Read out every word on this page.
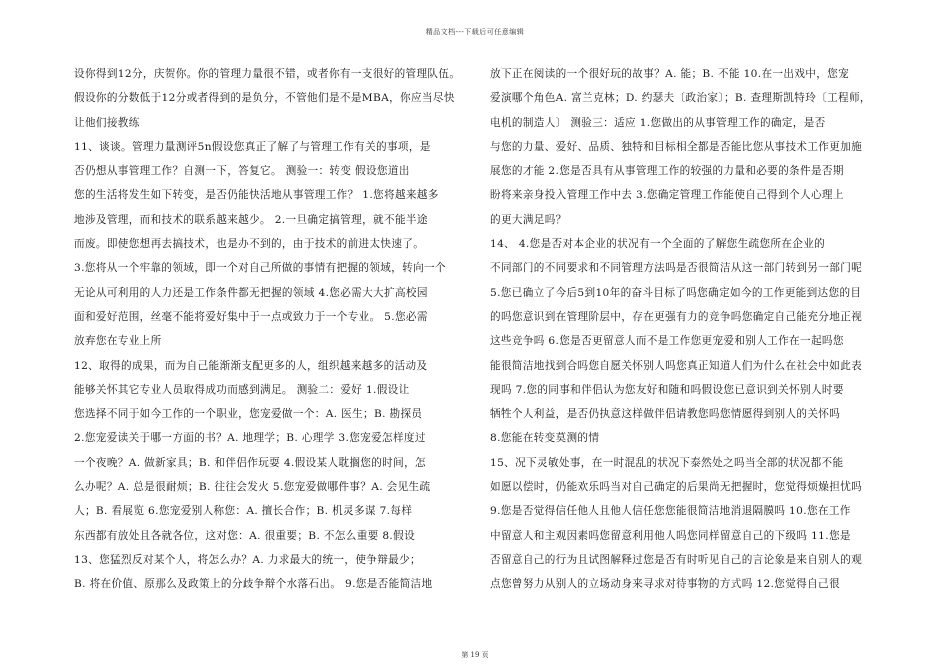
精品文档---下载后可任意编辑
设你得到12分，庆贺你。你的管理力量很不错，或者你有一支很好的管理队伍。
假设你的分数低于12分或者得到的是负分，不管他们是不是MBA，你应当尽快
让他们接教练
11、谈谈。管理力量测评5n假设您真正了解了与管理工作有关的事项，是
否仍想从事管理工作？自测一下，答复它。 测验一：转变 假设您道出
您的生活将发生如下转变，是否仍能快活地从事管理工作？ 1.您将越来越多
地涉及管理，而和技术的联系越来越少。 2.一旦确定搞管理，就不能半途
而废。即使您想再去搞技术，也是办不到的，由于技术的前进太快速了。
3.您将从一个牢靠的领域，即一个对自己所做的事情有把握的领域，转向一个
无论从可利用的人力还是工作条件都无把握的领域 4.您必需大大扩高校园
面和爱好范围，丝毫不能将爱好集中于一点或致力于一个专业。 5.您必需
放弃您在专业上所
12、取得的成果，而为自己能渐渐支配更多的人，组织越来越多的活动及
能够关怀其它专业人员取得成功而感到满足。 测验二：爱好 1.假设让
您选择不同于如今工作的一个职业，您宠爱做一个：A. 医生；B. 勘探员
2.您宠爱读关于哪一方面的书？A. 地理学；B. 心理学 3.您宠爱怎样度过
一个夜晚？A. 做新家具；B. 和伴侣作玩耍 4.假设某人耽搁您的时间，怎
么办呢？A. 总是很耐烦；B. 往往会发火 5.您宠爱做哪件事？A. 会见生疏
人；B. 看展览 6.您宠爱别人称您：A. 擅长合作；B. 机灵多谋 7.每样
东西都有放处且各就各位，这对您：A. 很重要；B. 不怎么重要 8.假设
13、您猛烈反对某个人，将怎么办？A. 力求最大的统一，使争辩最少；
B. 将在价值、原那么及政策上的分歧争辩个水落石出。 9.您是否能简洁地
放下正在阅读的一个很好玩的故事？A. 能；B. 不能 10.在一出戏中，您宠
爱演哪个角色A. 富兰克林；D. 约瑟夫〔政治家〕；B. 查理斯凯特玲〔工程师，
电机的制造人〕 测验三：适应 1.您做出的从事管理工作的确定，是否
与您的力量、爱好、品质、独特和目标相全都是否能比您从事技术工作更加施
展您的才能 2.您是否具有从事管理工作的较强的力量和必要的条件是否期
盼将来亲身投入管理工作中去 3.您确定管理工作能使自己得到个人心理上
的更大满足吗？
14、 4.您是否对本企业的状况有一个全面的了解您生疏您所在企业的
不同部门的不同要求和不同管理方法吗是否很简洁从这一部门转到另一部门呢
5.您已确立了今后5到10年的奋斗目标了吗您确定如今的工作更能到达您的目
的吗您意识到在管理阶层中，存在更强有力的竞争吗您确定自己能充分地正视
这些竞争吗 6.您是否更留意人而不是工作您更宠爱和别人工作在一起吗您
能很简洁地找到合吗您自愿关怀别人吗您真正知道人们为什么在社会中如此表
现吗 7.您的同事和伴侣认为您友好和随和吗假设您已意识到关怀别人时要
牺牲个人利益，是否仍执意这样做伴侣请教您吗您情愿得到别人的关怀吗
8.您能在转变莫测的情
15、况下灵敏处事，在一时混乱的状况下泰然处之吗当全部的状况都不能
如愿以偿时，仍能欢乐吗当对自己确定的后果尚无把握时，您觉得烦燥担忧吗
9.您是否觉得信任他人且他人信任您您能很简洁地消退隔膜吗 10.您在工作
中留意人和主观因素吗您留意利用他人吗您同样留意自己的下级吗 11.您是
否留意自己的行为且试图解释过您是否有时听见自己的言论象是来自别人的观
点您曾努力从别人的立场动身来寻求对待事物的方式吗 12.您觉得自己很
第 19 页
